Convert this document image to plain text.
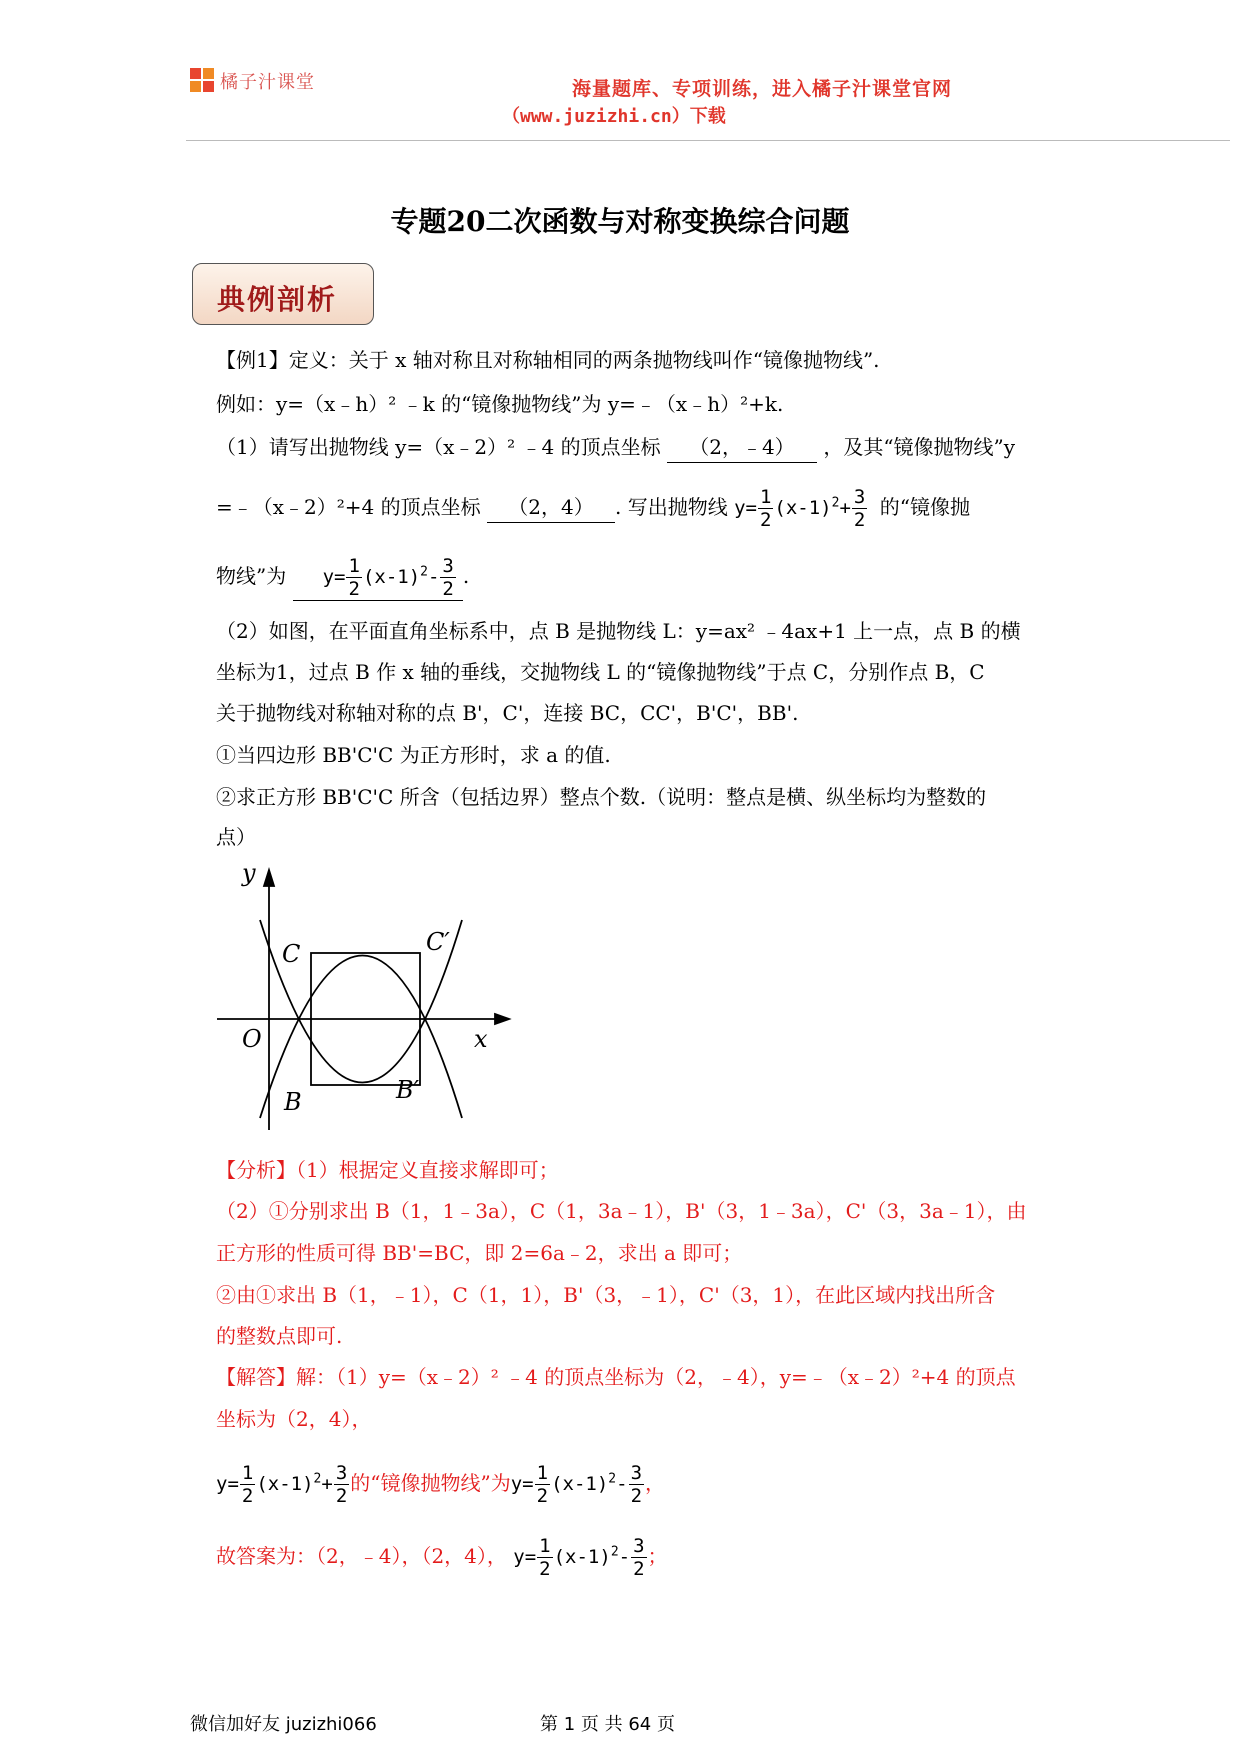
橘子汁课堂	海量题库、专项训练，进入橘子汁课堂官网
（www.juzizhi.cn）下载
专题20二次函数与对称变换综合问题
典例剖析
【例1】定义：关于 x 轴对称且对称轴相同的两条抛物线叫作“镜像抛物线”.
例如：y=（x﹣h）² ﹣k 的“镜像抛物线”为 y=﹣（x﹣h）²+k.
（1）请写出抛物线 y=（x﹣2）² ﹣4 的顶点坐标 （2，﹣4） ，及其“镜像抛物线”y
=﹣（x﹣2）²+4 的顶点坐标 （2，4） . 写出抛物线 $y= \frac{1}{2} (x-1)^2+ \frac{3}{2}$ 的“镜像抛
物线”为 $y= \frac{1}{2} (x-1)^2- \frac{3}{2}$ .
（2）如图，在平面直角坐标系中，点 B 是抛物线 L：y=ax² ﹣4ax+1 上一点，点 B 的横
坐标为1，过点 B 作 x 轴的垂线，交抛物线 L 的“镜像抛物线”于点 C，分别作点 B，C
关于抛物线对称轴对称的点 B'，C'，连接 BC，CC'，B'C'，BB'.
①当四边形 BB'C'C 为正方形时，求 a 的值.
②求正方形 BB'C'C 所含（包括边界）整点个数.（说明：整点是横、纵坐标均为整数的
点）
y
x
O
C	C′
B	B′
【分析】（1）根据定义直接求解即可；
（2）①分别求出 B（1，1﹣3a），C（1，3a﹣1），B'（3，1﹣3a），C'（3，3a﹣1），由
正方形的性质可得 BB'=BC，即 2=6a﹣2，求出 a 即可；
②由①求出 B（1，﹣1），C（1，1），B'（3，﹣1），C'（3，1），在此区域内找出所含
的整数点即可.
【解答】解：（1）y=（x﹣2）² ﹣4 的顶点坐标为（2，﹣4），y=﹣（x﹣2）²+4 的顶点
坐标为（2，4），
$y= \frac{1}{2} (x-1)^2+ \frac{3}{2}$ 的“镜像抛物线”为$y= \frac{1}{2} (x-1)^2- \frac{3}{2}$ ，
故答案为：（2，﹣4），（2，4）， $y= \frac{1}{2} (x-1)^2- \frac{3}{2}$ ；
微信加好友 juzizhi066	第 1 页 共 64 页
